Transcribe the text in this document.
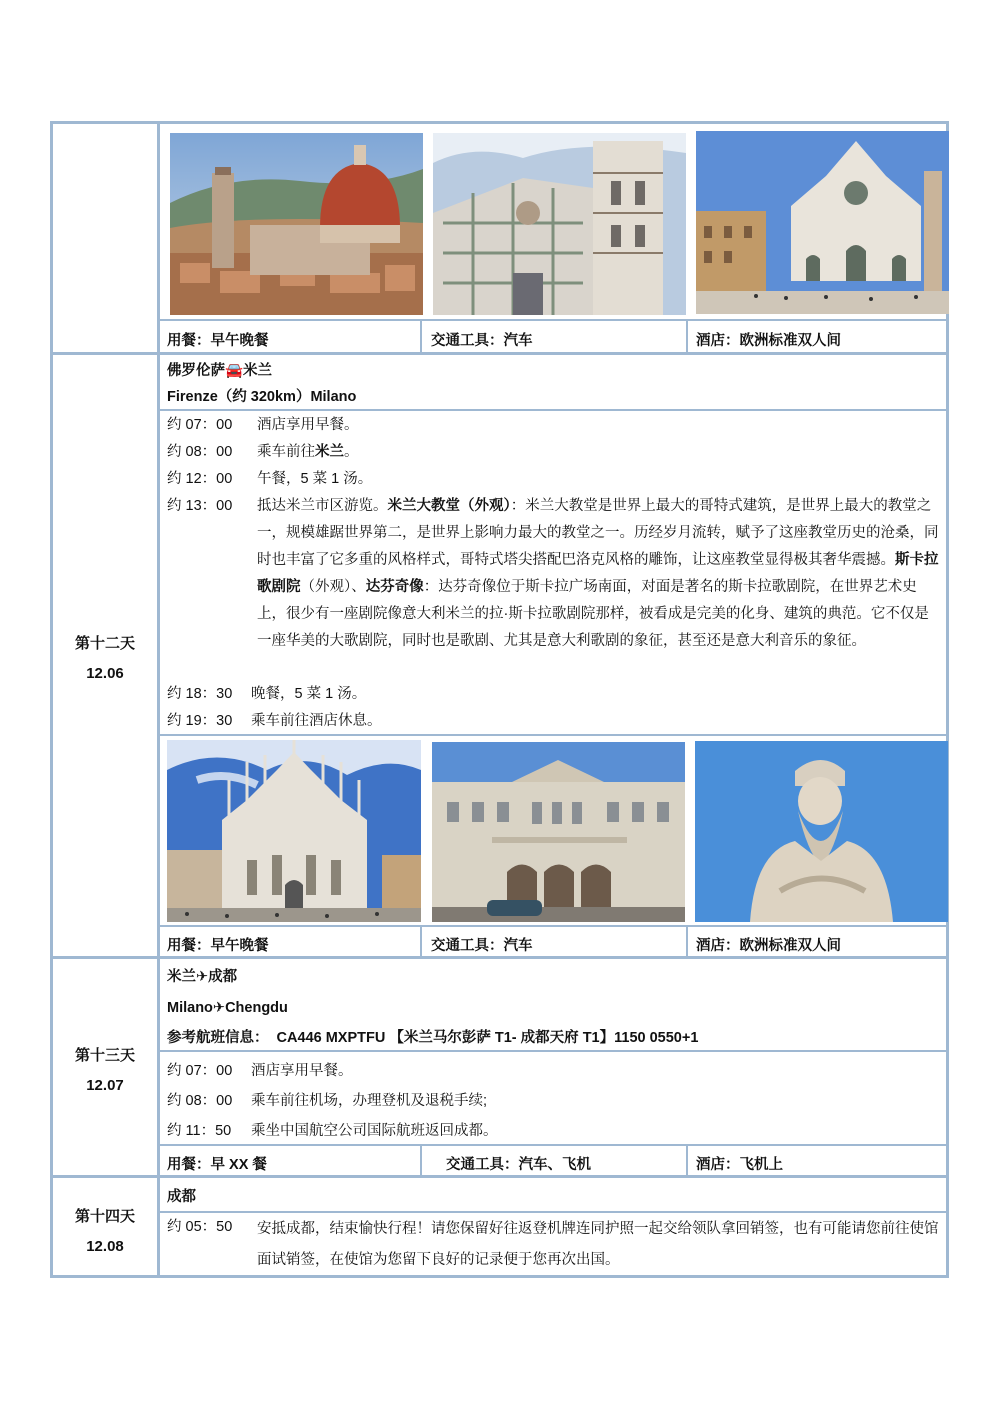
用餐：早午晚餐	交通工具：汽车	酒店：欧洲标准双人间
第十二天
12.06
佛罗伦萨🚘米兰
Firenze（约 320km）Milano
约 07：00 酒店享用早餐。
约 08：00 乘车前往米兰。
约 12：00 午餐，5 菜 1 汤。
约 13：00	抵达米兰市区游览。米兰大教堂（外观）：米兰大教堂是世界上最大的哥特式建筑，是世界上最大的教堂之一，规模雄踞世界第二，是世界上影响力最大的教堂之一。历经岁月流转，赋予了这座教堂历史的沧桑，同时也丰富了它多重的风格样式，哥特式塔尖搭配巴洛克风格的雕饰，让这座教堂显得极其奢华震撼。斯卡拉歌剧院（外观）、达芬奇像：达芬奇像位于斯卡拉广场南面，对面是著名的斯卡拉歌剧院，在世界艺术史上，很少有一座剧院像意大利米兰的拉·斯卡拉歌剧院那样，被看成是完美的化身、建筑的典范。它不仅是一座华美的大歌剧院，同时也是歌剧、尤其是意大利歌剧的象征，甚至还是意大利音乐的象征。
约 18：30 晚餐，5 菜 1 汤。
约 19：30 乘车前往酒店休息。
用餐：早午晚餐	交通工具：汽车	酒店：欧洲标准双人间
第十三天
12.07
米兰✈成都
Milano✈Chengdu
参考航班信息：  CA446 MXPTFU 【米兰马尔彭萨 T1- 成都天府 T1】1150 0550+1
约 07：00 酒店享用早餐。
约 08：00 乘车前往机场，办理登机及退税手续;
约 11：50 乘坐中国航空公司国际航班返回成都。
用餐：早 XX 餐	交通工具：汽车、飞机	酒店：飞机上
第十四天
12.08
成都
约 05：50	安抵成都，结束愉快行程！请您保留好往返登机牌连同护照一起交给领队拿回销签，也有可能请您前往使馆面试销签，在使馆为您留下良好的记录便于您再次出国。
